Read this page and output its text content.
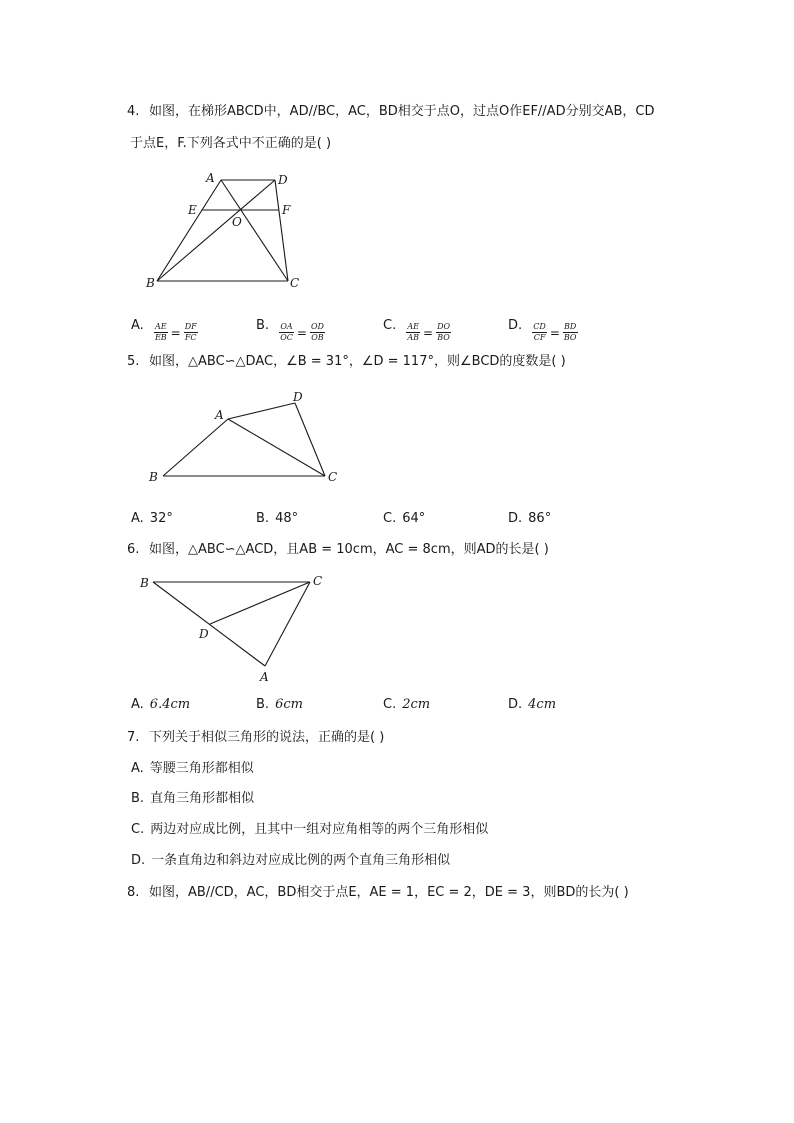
4. 如图，在梯形ABCD中，AD//BC，AC，BD相交于点O，过点O作EF//AD分别交AB，CD
于点E，F.下列各式中不正确的是( )
A	D
E	F
O
B	C
A. $\frac{AE}{EB} = \frac{DF}{FC}$	B. $\frac{OA}{OC} = \frac{OD}{OB}$	C. $\frac{AE}{AB} = \frac{DO}{BO}$	D. $\frac{CD}{CF} = \frac{BD}{BO}$
5. 如图，△ABC∽△DAC，∠B = 31°，∠D = 117°，则∠BCD的度数是( )
A
D
B	C
A. 32°	B. 48°	C. 64°	D. 86°
6. 如图，△ABC∽△ACD，且AB = 10cm，AC = 8cm，则AD的长是( )
B	C
D
A
A. 6.4cm	B. 6cm	C. 2cm	D. 4cm
7. 下列关于相似三角形的说法，正确的是( )
A. 等腰三角形都相似
B. 直角三角形都相似
C. 两边对应成比例，且其中一组对应角相等的两个三角形相似
D. 一条直角边和斜边对应成比例的两个直角三角形相似
8. 如图，AB//CD，AC，BD相交于点E，AE = 1，EC = 2，DE = 3，则BD的长为( )
